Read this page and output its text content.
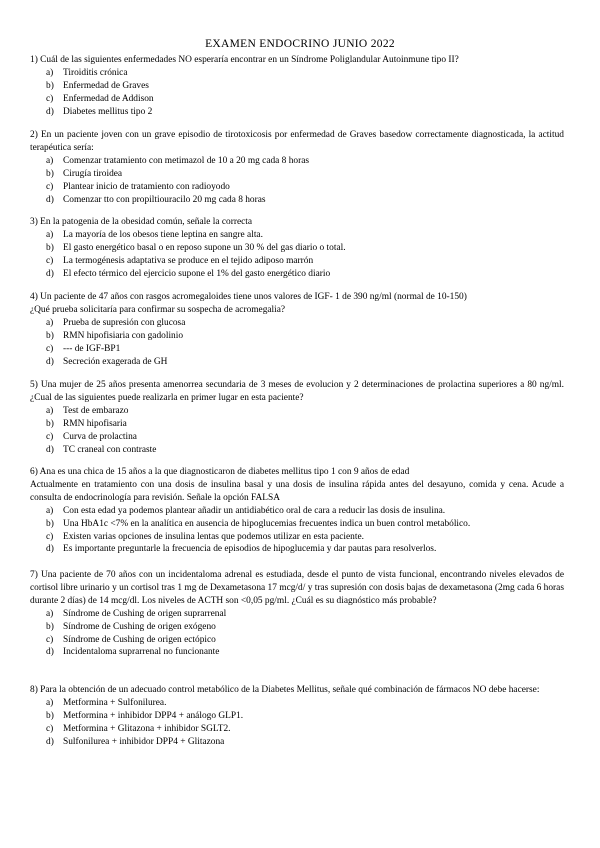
EXAMEN ENDOCRINO JUNIO 2022
1) Cuál de las siguientes enfermedades NO esperaría encontrar en un Síndrome Poliglandular Autoinmune tipo II?
a) Tiroiditis crónica
b) Enfermedad de Graves
c) Enfermedad de Addison
d) Diabetes mellitus tipo 2
2) En un paciente joven con un grave episodio de tirotoxicosis por enfermedad de Graves basedow correctamente diagnosticada, la actitud terapéutica sería:
a) Comenzar tratamiento con metimazol de 10 a 20 mg cada 8 horas
b) Cirugía tiroidea
c) Plantear inicio de tratamiento con radioyodo
d) Comenzar tto con propiltiouracilo 20 mg cada 8 horas
3) En la patogenia de la obesidad común, señale la correcta
a) La mayoría de los obesos tiene leptina en sangre alta.
b) El gasto energético basal o en reposo supone un 30 % del gas diario o total.
c) La termogénesis adaptativa se produce en el tejido adiposo marrón
d) El efecto térmico del ejercicio supone el 1% del gasto energético diario
4) Un paciente de 47 años con rasgos acromegaloides tiene unos valores de IGF- 1 de 390 ng/ml (normal de 10-150)
¿Qué prueba solicitaría para confirmar su sospecha de acromegalia?
a) Prueba de supresión con glucosa
b) RMN hipofisiaria con gadolinio
c) --- de IGF-BP1
d) Secreción exagerada de GH
5) Una mujer de 25 años presenta amenorrea secundaria de 3 meses de evolucion y 2 determinaciones de prolactina superiores a 80 ng/ml. ¿Cual de las siguientes puede realizarla en primer lugar en esta paciente?
a) Test de embarazo
b) RMN hipofisaria
c) Curva de prolactina
d) TC craneal con contraste
6) Ana es una chica de 15 años a la que diagnosticaron de diabetes mellitus tipo 1 con 9 años de edad
Actualmente en tratamiento con una dosis de insulina basal y una dosis de insulina rápida antes del desayuno, comida y cena. Acude a consulta de endocrinología para revisión. Señale la opción FALSA
a) Con esta edad ya podemos plantear añadir un antidiabético oral de cara a reducir las dosis de insulina.
b) Una HbA1c <7% en la analítica en ausencia de hipoglucemias frecuentes indica un buen control metabólico.
c) Existen varias opciones de insulina lentas que podemos utilizar en esta paciente.
d) Es importante preguntarle la frecuencia de episodios de hipoglucemia y dar pautas para resolverlos.
7) Una paciente de 70 años con un incidentaloma adrenal es estudiada, desde el punto de vista funcional, encontrando niveles elevados de cortisol libre urinario y un cortisol tras 1 mg de Dexametasona 17 mcg/d/ y tras supresión con dosis bajas de dexametasona (2mg cada 6 horas durante 2 días) de 14 mcg/dl. Los niveles de ACTH son <0,05 pg/ml. ¿Cuál es su diagnóstico más probable?
a) Síndrome de Cushing de origen suprarrenal
b) Síndrome de Cushing de origen exógeno
c) Síndrome de Cushing de origen ectópico
d) Incidentaloma suprarrenal no funcionante
8) Para la obtención de un adecuado control metabólico de la Diabetes Mellitus, señale qué combinación de fármacos NO debe hacerse:
a) Metformina + Sulfonilurea.
b) Metformina + inhibidor DPP4 + análogo GLP1.
c) Metformina + Glitazona + inhibidor SGLT2.
d) Sulfonilurea + inhibidor DPP4 + Glitazona
